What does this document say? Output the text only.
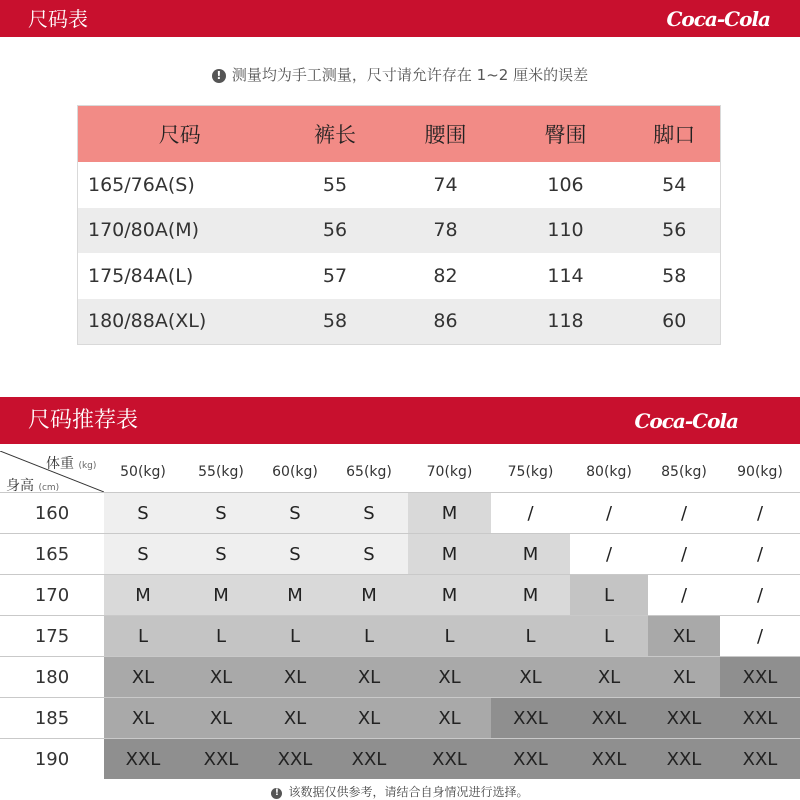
尺码表	Coca-Cola
! 测量均为手工测量，尺寸请允许存在 1~2 厘米的误差
尺码	裤长	腰围	臀围	脚口
165/76A(S)	55	74	106	54
170/80A(M)	56	78	110	56
175/84A(L)	57	82	114	58
180/88A(XL)	58	86	118	60
尺码推荐表	Coca-Cola
体重 (kg)
身高 (cm)	50(kg)	55(kg)	60(kg)	65(kg)	70(kg)	75(kg)	80(kg)	85(kg)	90(kg)
160	S	S	S	S	M	/	/	/	/
165	S	S	S	S	M	M	/	/	/
170	M	M	M	M	M	M	L	/	/
175	L	L	L	L	L	L	L	XL	/
180	XL	XL	XL	XL	XL	XL	XL	XL	XXL
185	XL	XL	XL	XL	XL	XXL	XXL	XXL	XXL
190	XXL	XXL	XXL	XXL	XXL	XXL	XXL	XXL	XXL
! 该数据仅供参考，请结合自身情况进行选择。
